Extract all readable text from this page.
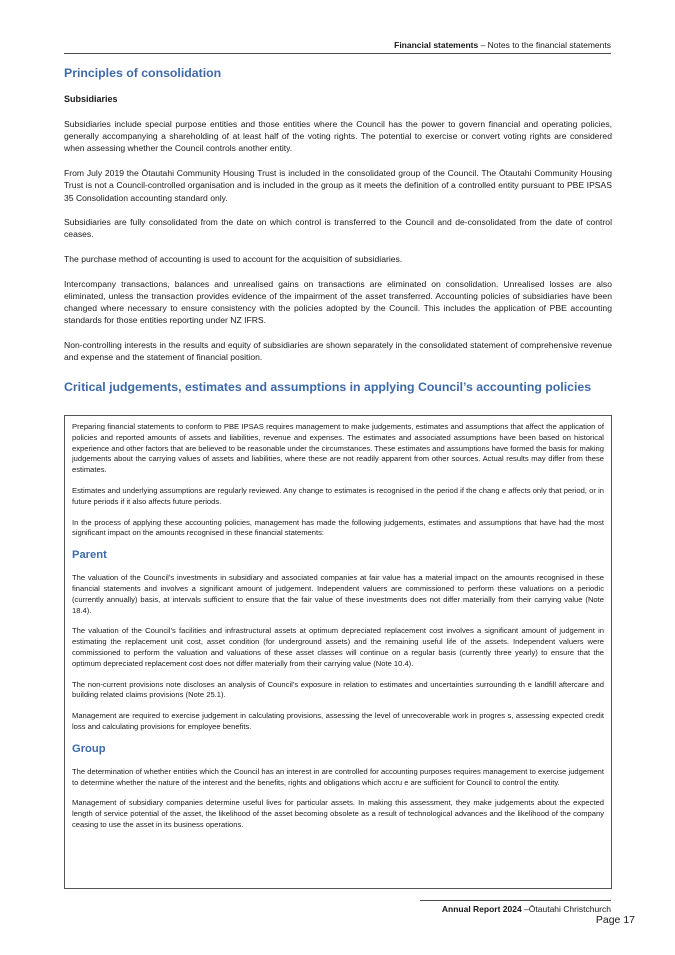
Financial statements – Notes to the financial statements
Principles of consolidation
Subsidiaries

Subsidiaries include special purpose entities and those entities where the Council has the power to govern financial and operating policies, generally accompanying a shareholding of at least half of the voting rights. The potential to exercise or convert voting rights are considered when assessing whether the Council controls another entity.

From July 2019 the Ōtautahi Community Housing Trust is included in the consolidated group of the Council. The Ōtautahi Community Housing Trust is not a Council-controlled organisation and is included in the group as it meets the definition of a controlled entity pursuant to PBE IPSAS 35 Consolidation accounting standard only.

Subsidiaries are fully consolidated from the date on which control is transferred to the Council and de-consolidated from the date of control ceases.

The purchase method of accounting is used to account for the acquisition of subsidiaries.

Intercompany transactions, balances and unrealised gains on transactions are eliminated on consolidation. Unrealised losses are also eliminated, unless the transaction provides evidence of the impairment of the asset transferred. Accounting policies of subsidiaries have been changed where necessary to ensure consistency with the policies adopted by the Council. This includes the application of PBE accounting standards for those entities reporting under NZ IFRS.

Non-controlling interests in the results and equity of subsidiaries are shown separately in the consolidated statement of comprehensive revenue and expense and the statement of financial position.

Critical judgements, estimates and assumptions in applying Council’s accounting policies

Preparing financial statements to conform to PBE IPSAS requires management to make judgements, estimates and assumptions that affect the application of policies and reported amounts of assets and liabilities, revenue and expenses. The estimates and associated assumptions have been based on historical experience and other factors that are believed to be reasonable under the circumstances. These estimates and assumptions have formed the basis for making judgements about the carrying values of assets and liabilities, where these are not readily apparent from other sources. Actual results may differ from these estimates.

Estimates and underlying assumptions are regularly reviewed. Any change to estimates is recognised in the period if the chang e affects only that period, or in future periods if it also affects future periods.

In the process of applying these accounting policies, management has made the following judgements, estimates and assumptions that have had the most significant impact on the amounts recognised in these financial statements:

Parent

The valuation of the Council’s investments in subsidiary and associated companies at fair value has a material impact on the amounts recognised in these financial statements and involves a significant amount of judgement. Independent valuers are commissioned to perform these valuations on a periodic (currently annually) basis, at intervals sufficient to ensure that the fair value of these investments does not differ materially from their carrying value (Note 18.4).

The valuation of the Council’s facilities and infrastructural assets at optimum depreciated replacement cost involves a significant amount of judgement in estimating the replacement unit cost, asset condition (for underground assets) and the remaining useful life of the assets. Independent valuers were commissioned to perform the valuation and valuations of these asset classes will continue on a regular basis (currently three yearly) to ensure that the optimum depreciated replacement cost does not differ materially from their carrying value (Note 10.4).

The non-current provisions note discloses an analysis of Council’s exposure in relation to estimates and uncertainties surrounding th e landfill aftercare and building related claims provisions (Note 25.1).

Management are required to exercise judgement in calculating provisions, assessing the level of unrecoverable work in progres s, assessing expected credit loss and calculating provisions for employee benefits.

Group

The determination of whether entities which the Council has an interest in are controlled for accounting purposes requires management to exercise judgement to determine whether the nature of the interest and the benefits, rights and obligations which accru e are sufficient for Council to control the entity.

Management of subsidiary companies determine useful lives for particular assets. In making this assessment, they make judgements about the expected length of service potential of the asset, the likelihood of the asset becoming obsolete as a result of technological advances and the likelihood of the company ceasing to use the asset in its business operations.

Annual Report 2024 –Ōtautahi Christchurch
Page 17
